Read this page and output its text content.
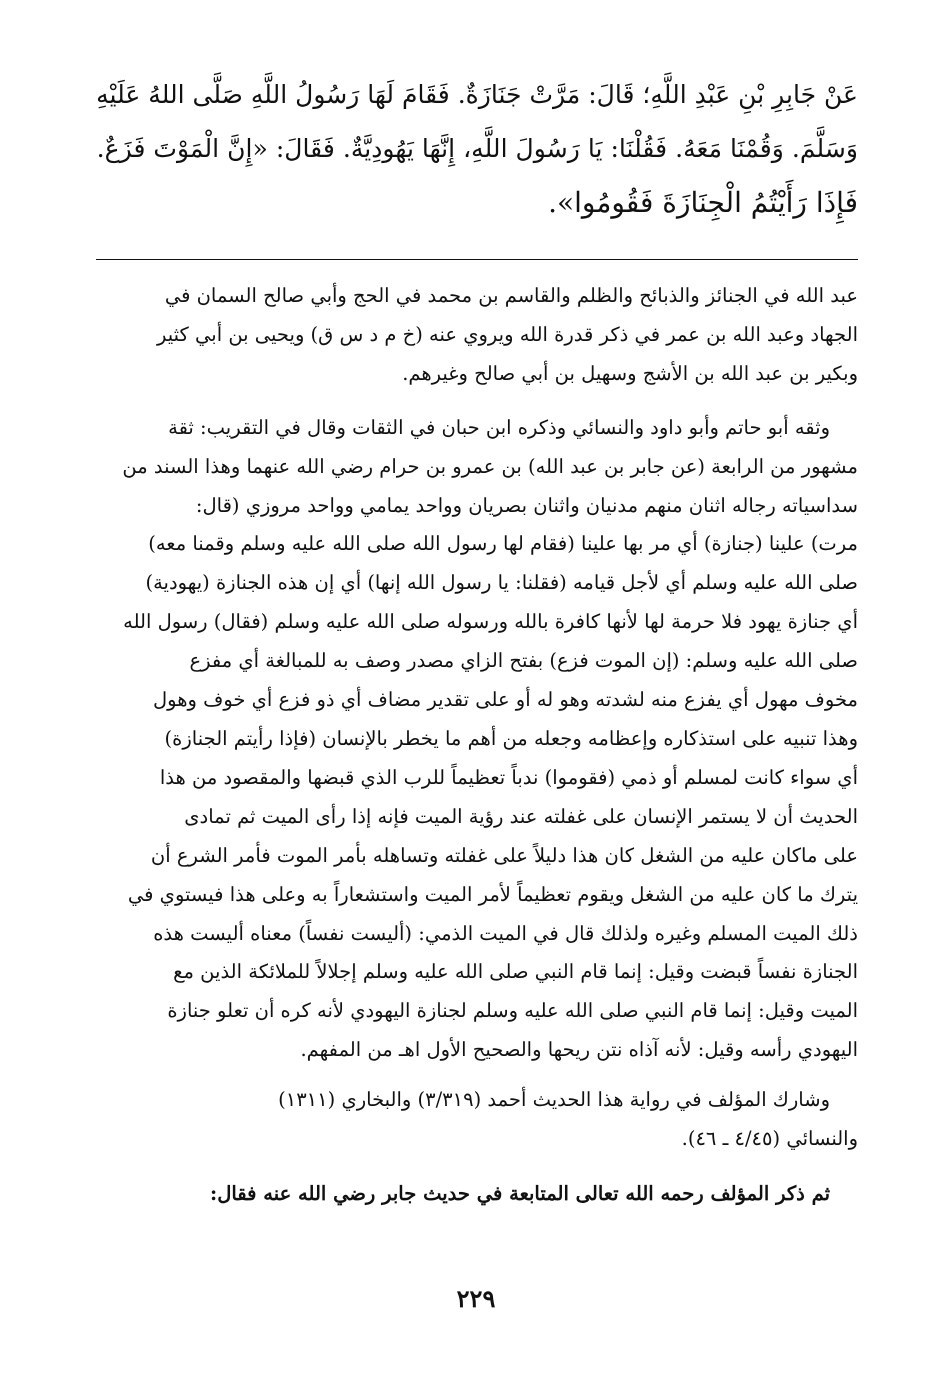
عَنْ جَابِرِ بْنِ عَبْدِ اللَّهِ؛ قَالَ: مَرَّتْ جَنَازَةٌ. فَقَامَ لَهَا رَسُولُ اللَّهِ صَلَّى اللهُ عَلَيْهِ
وَسَلَّمَ. وَقُمْنَا مَعَهُ. فَقُلْنَا: يَا رَسُولَ اللَّهِ، إِنَّهَا يَهُودِيَّةٌ. فَقَالَ: «إِنَّ الْمَوْتَ فَزَعٌ.
فَإِذَا رَأَيْتُمُ الْجِنَازَةَ فَقُومُوا».

عبد الله في الجنائز والذبائح والظلم والقاسم بن محمد في الحج وأبي صالح السمان في
الجهاد وعبد الله بن عمر في ذكر قدرة الله ويروي عنه (خ م د س ق) ويحيى بن أبي كثير
وبكير بن عبد الله بن الأشج وسهيل بن أبي صالح وغيرهم.

وثقه أبو حاتم وأبو داود والنسائي وذكره ابن حبان في الثقات وقال في التقريب: ثقة
مشهور من الرابعة (عن جابر بن عبد الله) بن عمرو بن حرام رضي الله عنهما وهذا السند من
سداسياته رجاله اثنان منهم مدنيان واثنان بصريان وواحد يمامي وواحد مروزي (قال:
مرت) علينا (جنازة) أي مر بها علينا (فقام لها رسول الله صلى الله عليه وسلم وقمنا معه)
صلى الله عليه وسلم أي لأجل قيامه (فقلنا: يا رسول الله إنها) أي إن هذه الجنازة (يهودية)
أي جنازة يهود فلا حرمة لها لأنها كافرة بالله ورسوله صلى الله عليه وسلم (فقال) رسول الله
صلى الله عليه وسلم: (إن الموت فزع) بفتح الزاي مصدر وصف به للمبالغة أي مفزع
مخوف مهول أي يفزع منه لشدته وهو له أو على تقدير مضاف أي ذو فزع أي خوف وهول
وهذا تنبيه على استذكاره وإعظامه وجعله من أهم ما يخطر بالإنسان (فإذا رأيتم الجنازة)
أي سواء كانت لمسلم أو ذمي (فقوموا) ندباً تعظيماً للرب الذي قبضها والمقصود من هذا
الحديث أن لا يستمر الإنسان على غفلته عند رؤية الميت فإنه إذا رأى الميت ثم تمادى
على ماكان عليه من الشغل كان هذا دليلاً على غفلته وتساهله بأمر الموت فأمر الشرع أن
يترك ما كان عليه من الشغل ويقوم تعظيماً لأمر الميت واستشعاراً به وعلى هذا فيستوي في
ذلك الميت المسلم وغيره ولذلك قال في الميت الذمي: (أليست نفساً) معناه أليست هذه
الجنازة نفساً قبضت وقيل: إنما قام النبي صلى الله عليه وسلم إجلالاً للملائكة الذين مع
الميت وقيل: إنما قام النبي صلى الله عليه وسلم لجنازة اليهودي لأنه كره أن تعلو جنازة
اليهودي رأسه وقيل: لأنه آذاه نتن ريحها والصحيح الأول اهـ من المفهم.

وشارك المؤلف في رواية هذا الحديث أحمد (٣/٣١٩) والبخاري (١٣١١)
والنسائي (٤/٤٥ ـ ٤٦).

ثم ذكر المؤلف رحمه الله تعالى المتابعة في حديث جابر رضي الله عنه فقال:

٢٢٩
